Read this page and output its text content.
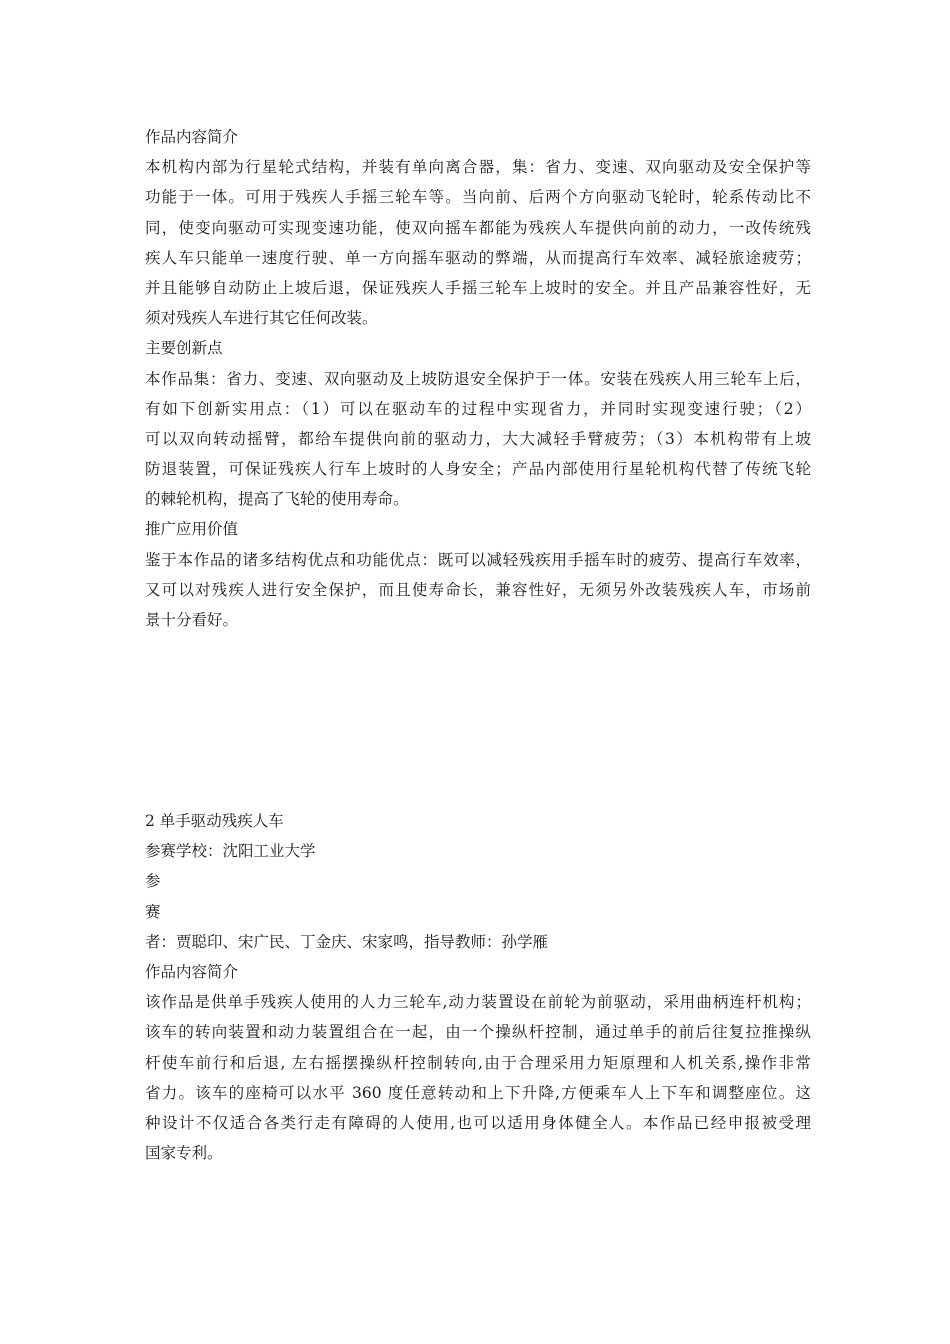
作品内容简介
本机构内部为行星轮式结构，并装有单向离合器，集：省力、变速、双向驱动及安全保护等
功能于一体。可用于残疾人手摇三轮车等。当向前、后两个方向驱动飞轮时，轮系传动比不
同，使变向驱动可实现变速功能，使双向摇车都能为残疾人车提供向前的动力，一改传统残
疾人车只能单一速度行驶、单一方向摇车驱动的弊端，从而提高行车效率、减轻旅途疲劳；
并且能够自动防止上坡后退，保证残疾人手摇三轮车上坡时的安全。并且产品兼容性好，无
须对残疾人车进行其它任何改装。
主要创新点
本作品集：省力、变速、双向驱动及上坡防退安全保护于一体。安装在残疾人用三轮车上后，
有如下创新实用点：（1）可以在驱动车的过程中实现省力，并同时实现变速行驶；（2）
可以双向转动摇臂，都给车提供向前的驱动力，大大减轻手臂疲劳；（3）本机构带有上坡
防退装置，可保证残疾人行车上坡时的人身安全；产品内部使用行星轮机构代替了传统飞轮
的棘轮机构，提高了飞轮的使用寿命。
推广应用价值
鉴于本作品的诸多结构优点和功能优点：既可以减轻残疾用手摇车时的疲劳、提高行车效率，
又可以对残疾人进行安全保护，而且使寿命长，兼容性好，无须另外改装残疾人车，市场前
景十分看好。
2 单手驱动残疾人车
参赛学校：沈阳工业大学
参
赛
者：贾聪印、宋广民、丁金庆、宋家鸣，指导教师：孙学雁
作品内容简介
该作品是供单手残疾人使用的人力三轮车,动力装置设在前轮为前驱动，采用曲柄连杆机构；
该车的转向装置和动力装置组合在一起，由一个操纵杆控制，通过单手的前后往复拉推操纵
杆使车前行和后退, 左右摇摆操纵杆控制转向,由于合理采用力矩原理和人机关系,操作非常
省力。该车的座椅可以水平 360 度任意转动和上下升降,方便乘车人上下车和调整座位。这
种设计不仅适合各类行走有障碍的人使用,也可以适用身体健全人。本作品已经申报被受理
国家专利。
